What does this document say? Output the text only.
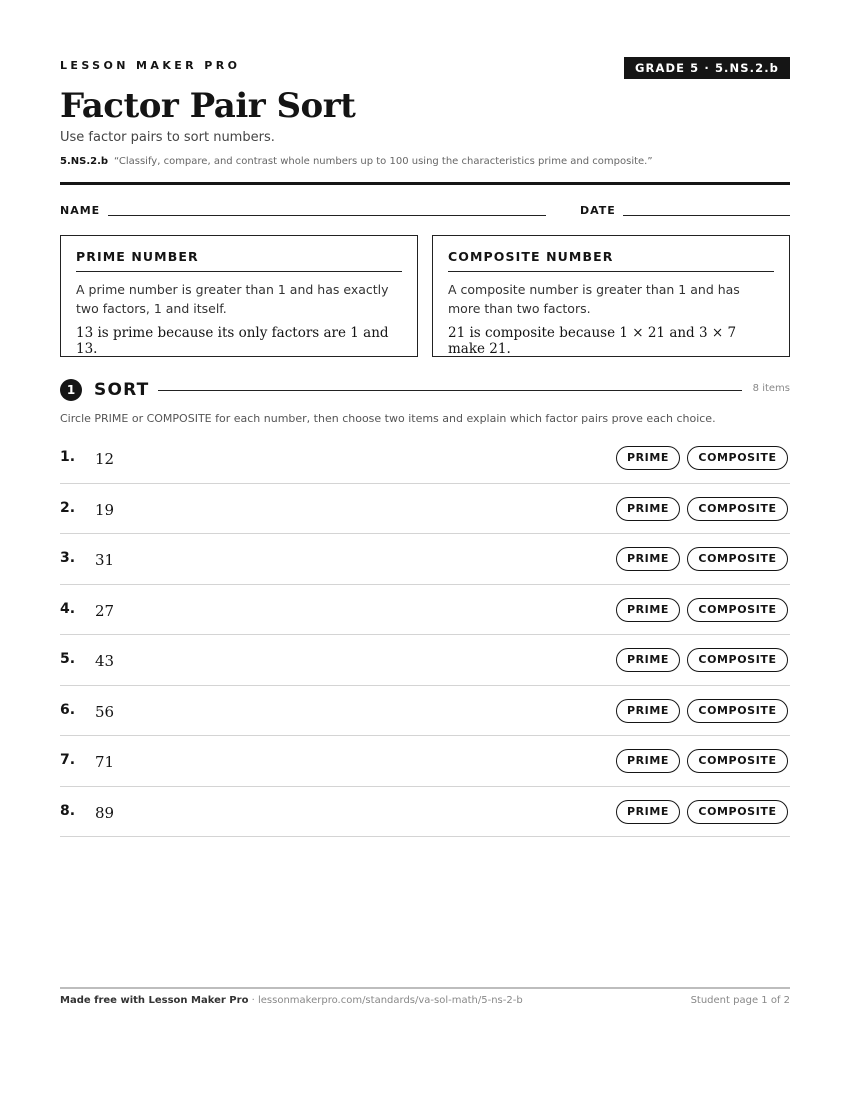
LESSON MAKER PRO	GRADE 5 · 5.NS.2.b
Factor Pair Sort
Use factor pairs to sort numbers.
5.NS.2.b “Classify, compare, and contrast whole numbers up to 100 using the characteristics prime and composite.”
NAME	DATE
PRIME NUMBER
A prime number is greater than 1 and has exactly two factors, 1 and itself.
13 is prime because its only factors are 1 and 13.
COMPOSITE NUMBER
A composite number is greater than 1 and has more than two factors.
21 is composite because 1 × 21 and 3 × 7 make 21.
1	SORT	8 items
Circle PRIME or COMPOSITE for each number, then choose two items and explain which factor pairs prove each choice.
1. 12	PRIME	COMPOSITE
2. 19	PRIME	COMPOSITE
3. 31	PRIME	COMPOSITE
4. 27	PRIME	COMPOSITE
5. 43	PRIME	COMPOSITE
6. 56	PRIME	COMPOSITE
7. 71	PRIME	COMPOSITE
8. 89	PRIME	COMPOSITE
Made free with Lesson Maker Pro · lessonmakerpro.com/standards/va-sol-math/5-ns-2-b	Student page 1 of 2
